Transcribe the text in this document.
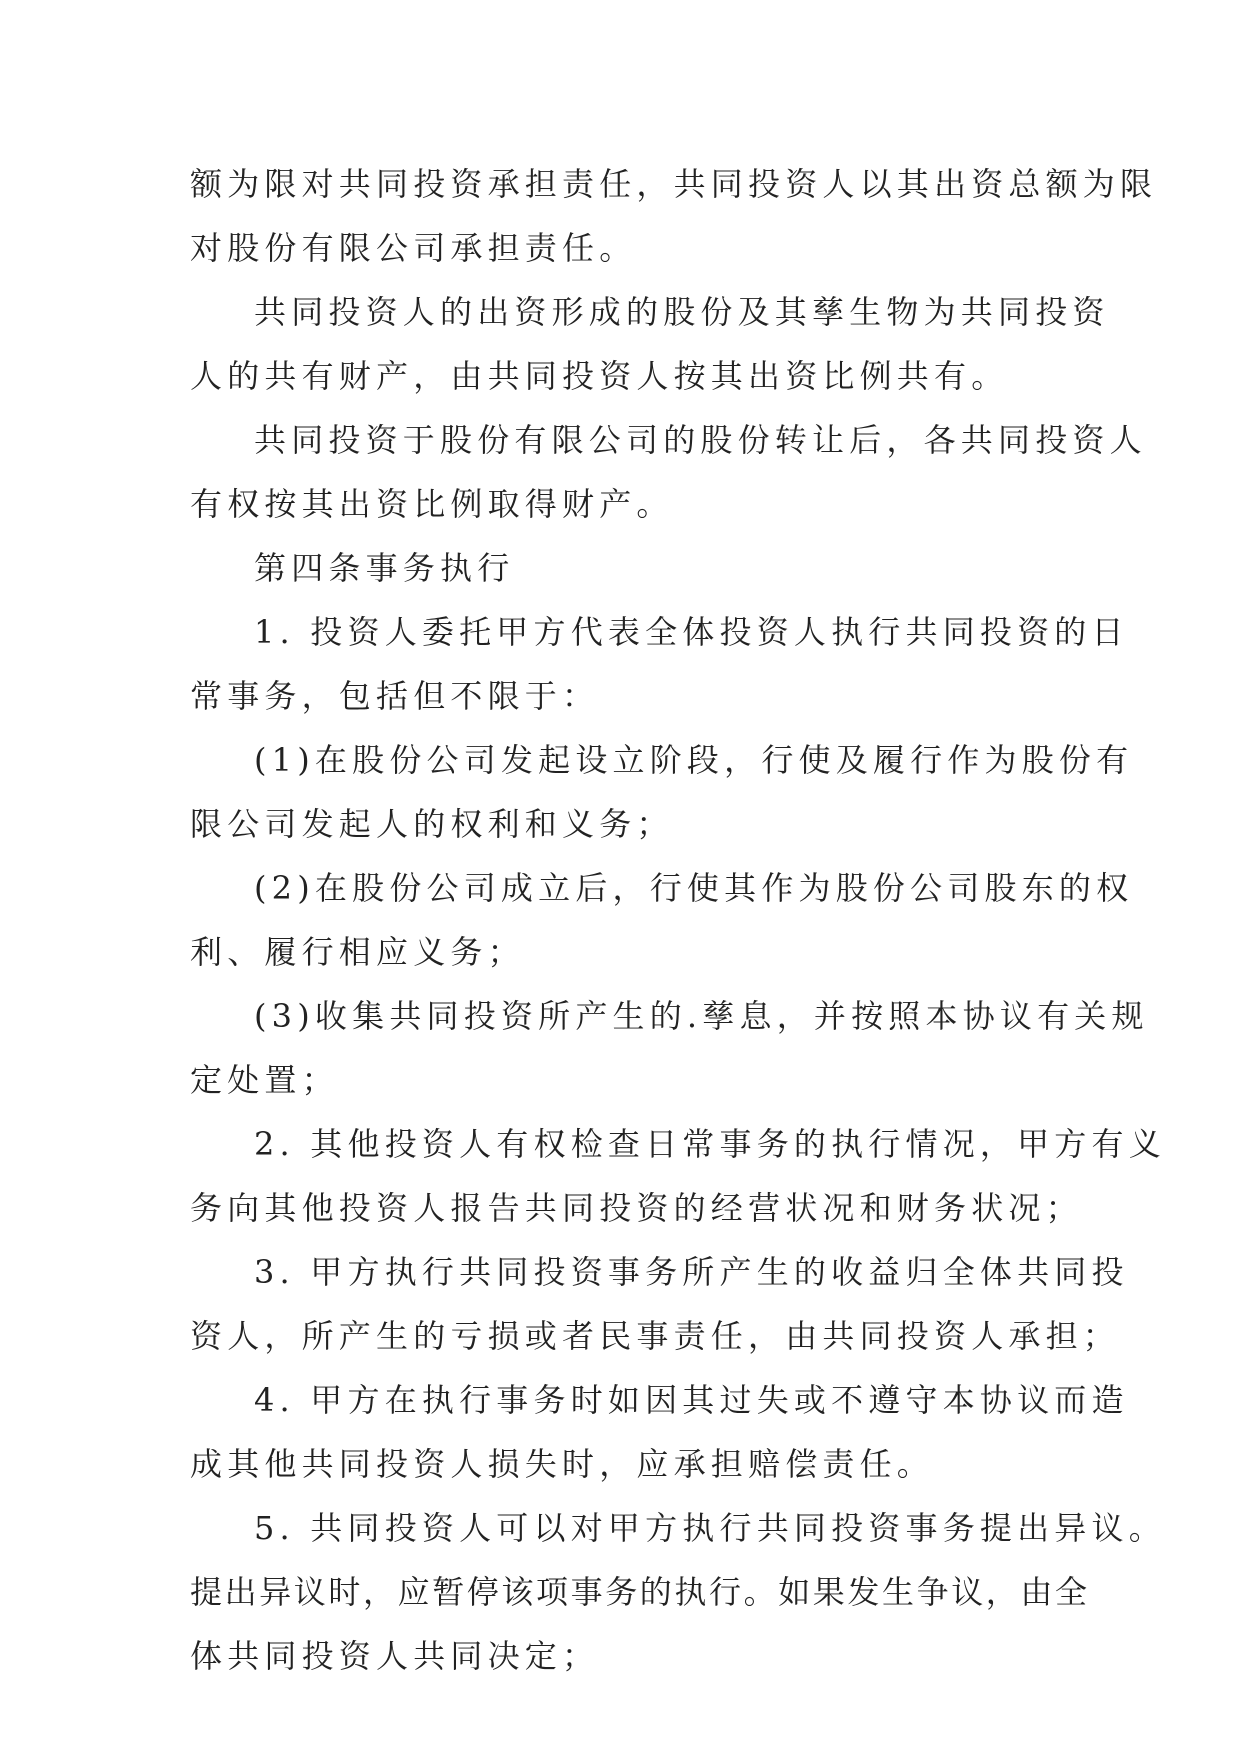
额为限对共同投资承担责任，共同投资人以其出资总额为限
对股份有限公司承担责任。
共同投资人的出资形成的股份及其孳生物为共同投资
人的共有财产，由共同投资人按其出资比例共有。
共同投资于股份有限公司的股份转让后，各共同投资人
有权按其出资比例取得财产。
第四条事务执行
1. 投资人委托甲方代表全体投资人执行共同投资的日
常事务，包括但不限于：
(1)在股份公司发起设立阶段，行使及履行作为股份有
限公司发起人的权利和义务；
(2)在股份公司成立后，行使其作为股份公司股东的权
利、履行相应义务；
(3)收集共同投资所产生的.孳息，并按照本协议有关规
定处置；
2. 其他投资人有权检查日常事务的执行情况，甲方有义
务向其他投资人报告共同投资的经营状况和财务状况；
3. 甲方执行共同投资事务所产生的收益归全体共同投
资人，所产生的亏损或者民事责任，由共同投资人承担；
4. 甲方在执行事务时如因其过失或不遵守本协议而造
成其他共同投资人损失时，应承担赔偿责任。
5. 共同投资人可以对甲方执行共同投资事务提出异议。
提出异议时，应暂停该项事务的执行。如果发生争议，由全
体共同投资人共同决定；
